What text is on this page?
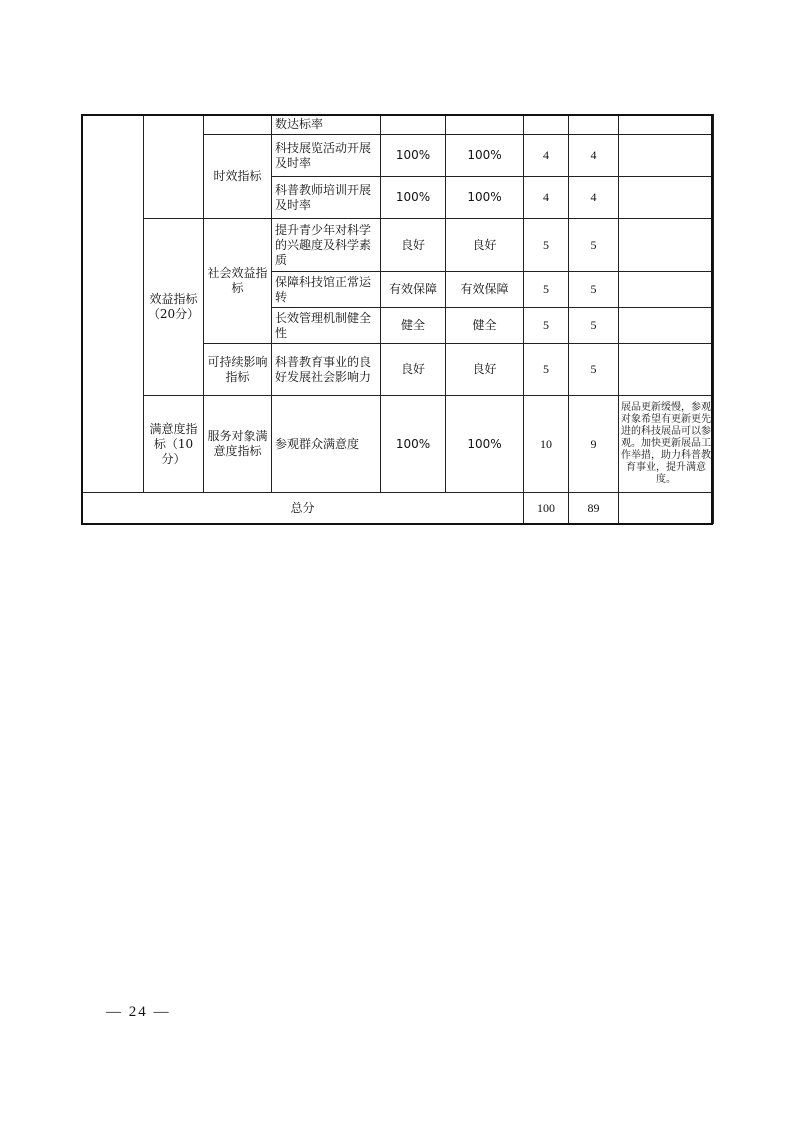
			数达标率					
		时效指标	科技展览活动开展及时率	100%	100%	4	4	
			科普教师培训开展及时率	100%	100%	4	4	
	效益指标（20分）	社会效益指标	提升青少年对科学的兴趣度及科学素质	良好	良好	5	5	
			保障科技馆正常运转	有效保障	有效保障	5	5	
			长效管理机制健全性	健全	健全	5	5	
		可持续影响指标	科普教育事业的良好发展社会影响力	良好	良好	5	5	
	满意度指标（10分）	服务对象满意度指标	参观群众满意度	100%	100%	10	9	展品更新缓慢，参观对象希望有更新更先进的科技展品可以参观。加快更新展品工作举措，助力科普教育事业，提升满意度。
总分						100	89	
— 24 —
